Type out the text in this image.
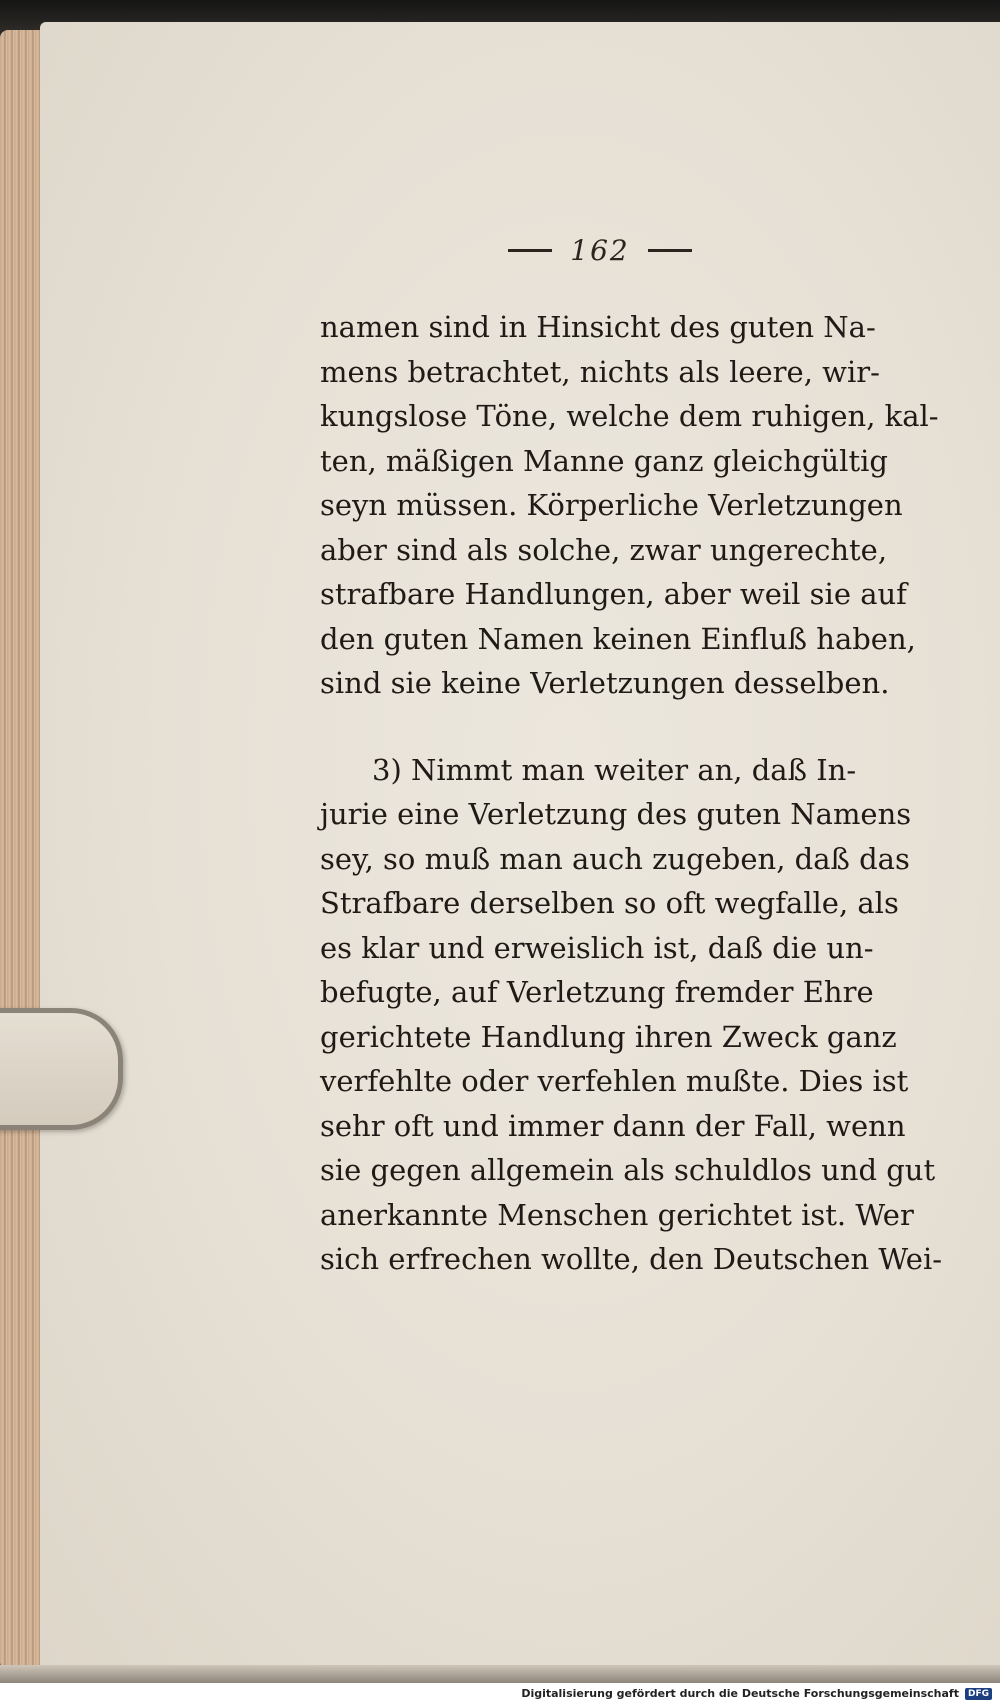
162
namen sind in Hinsicht des guten Na-
mens betrachtet, nichts als leere, wir-
kungslose Töne, welche dem ruhigen, kal-
ten, mäßigen Manne ganz gleichgültig
seyn müssen. Körperliche Verletzungen
aber sind als solche, zwar ungerechte,
strafbare Handlungen, aber weil sie auf
den guten Namen keinen Einfluß haben,
sind sie keine Verletzungen desselben.
3) Nimmt man weiter an, daß In-
jurie eine Verletzung des guten Namens
sey, so muß man auch zugeben, daß das
Strafbare derselben so oft wegfalle, als
es klar und erweislich ist, daß die un-
befugte, auf Verletzung fremder Ehre
gerichtete Handlung ihren Zweck ganz
verfehlte oder verfehlen mußte. Dies ist
sehr oft und immer dann der Fall, wenn
sie gegen allgemein als schuldlos und gut
anerkannte Menschen gerichtet ist. Wer
sich erfrechen wollte, den Deutschen Wei-
Digitalisierung gefördert durch die Deutsche Forschungsgemeinschaft	DFG
